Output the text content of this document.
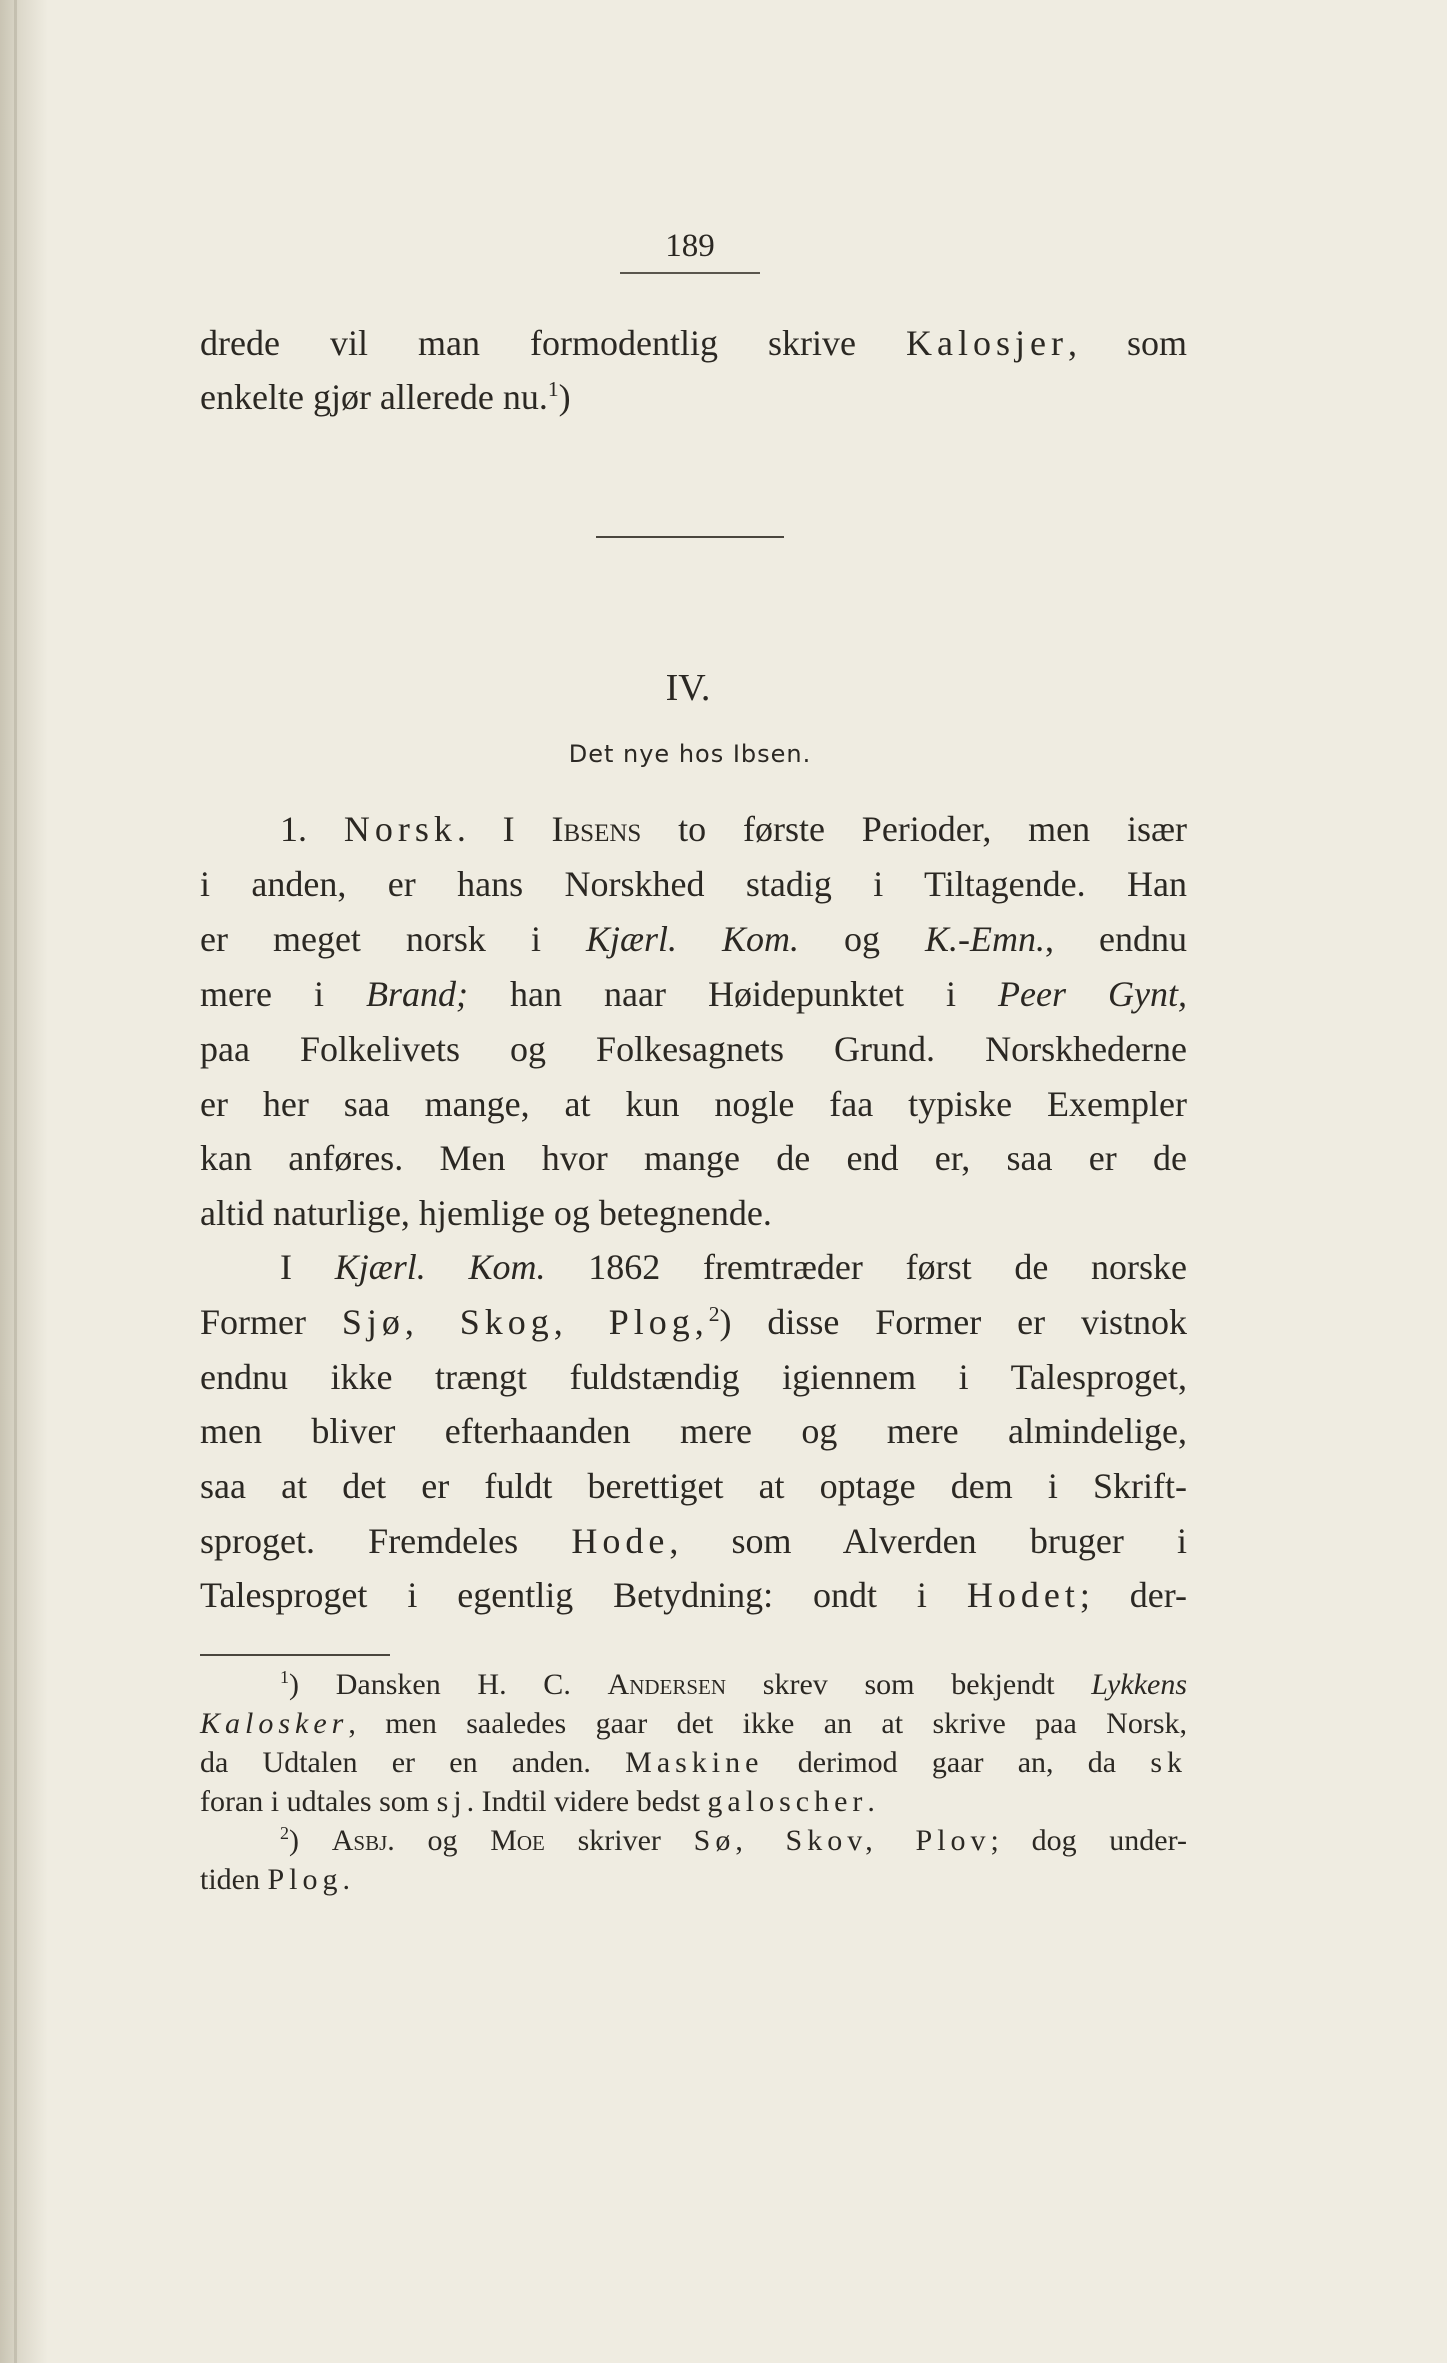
189
drede vil man formodentlig skrive Kalosjer, som
enkelte gjør allerede nu.$^1$)
IV.
Det nye hos Ibsen.
1. Norsk. I Ibsens to første Perioder, men især
i anden, er hans Norskhed stadig i Tiltagende. Han
er meget norsk i Kjærl. Kom. og K.-Emn., endnu
mere i Brand; han naar Høidepunktet i Peer Gynt,
paa Folkelivets og Folkesagnets Grund. Norskhederne
er her saa mange, at kun nogle faa typiske Exempler
kan anføres. Men hvor mange de end er, saa er de
altid naturlige, hjemlige og betegnende.
I Kjærl. Kom. 1862 fremtræder først de norske
Former Sjø, Skog, Plog,$^2$) disse Former er vistnok
endnu ikke trængt fuldstændig igiennem i Talesproget,
men bliver efterhaanden mere og mere almindelige,
saa at det er fuldt berettiget at optage dem i Skrift-
sproget. Fremdeles Hode, som Alverden bruger i
Talesproget i egentlig Betydning: ondt i Hodet; der-
$^1$) Dansken H. C. Andersen skrev som bekjendt Lykkens
Kalosker, men saaledes gaar det ikke an at skrive paa Norsk,
da Udtalen er en anden. Maskine derimod gaar an, da sk
foran i udtales som sj. Indtil videre bedst galoscher.
$^2$) Asbj. og Moe skriver Sø, Skov, Plov; dog under-
tiden Plog.
